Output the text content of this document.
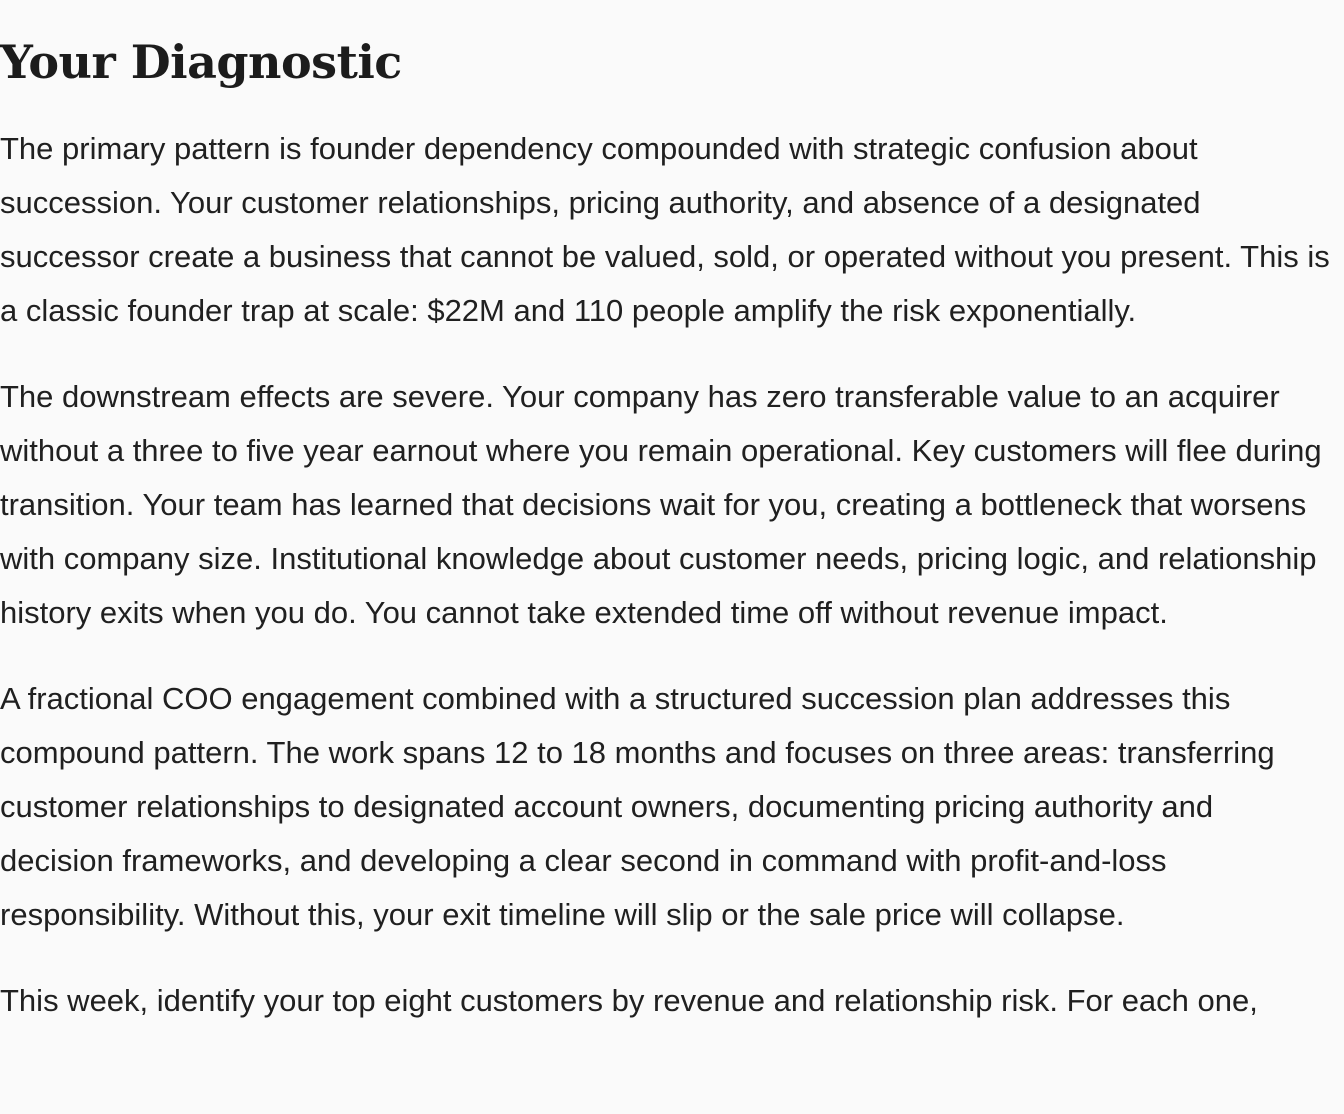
Your Diagnostic

The primary pattern is founder dependency compounded with strategic confusion about succession. Your customer relationships, pricing authority, and absence of a designated successor create a business that cannot be valued, sold, or operated without you present. This is a classic founder trap at scale: $22M and 110 people amplify the risk exponentially.

The downstream effects are severe. Your company has zero transferable value to an acquirer without a three to five year earnout where you remain operational. Key customers will flee during transition. Your team has learned that decisions wait for you, creating a bottleneck that worsens with company size. Institutional knowledge about customer needs, pricing logic, and relationship history exits when you do. You cannot take extended time off without revenue impact.

A fractional COO engagement combined with a structured succession plan addresses this compound pattern. The work spans 12 to 18 months and focuses on three areas: transferring customer relationships to designated account owners, documenting pricing authority and decision frameworks, and developing a clear second in command with profit-and-loss responsibility. Without this, your exit timeline will slip or the sale price will collapse.

This week, identify your top eight customers by revenue and relationship risk. For each one,
